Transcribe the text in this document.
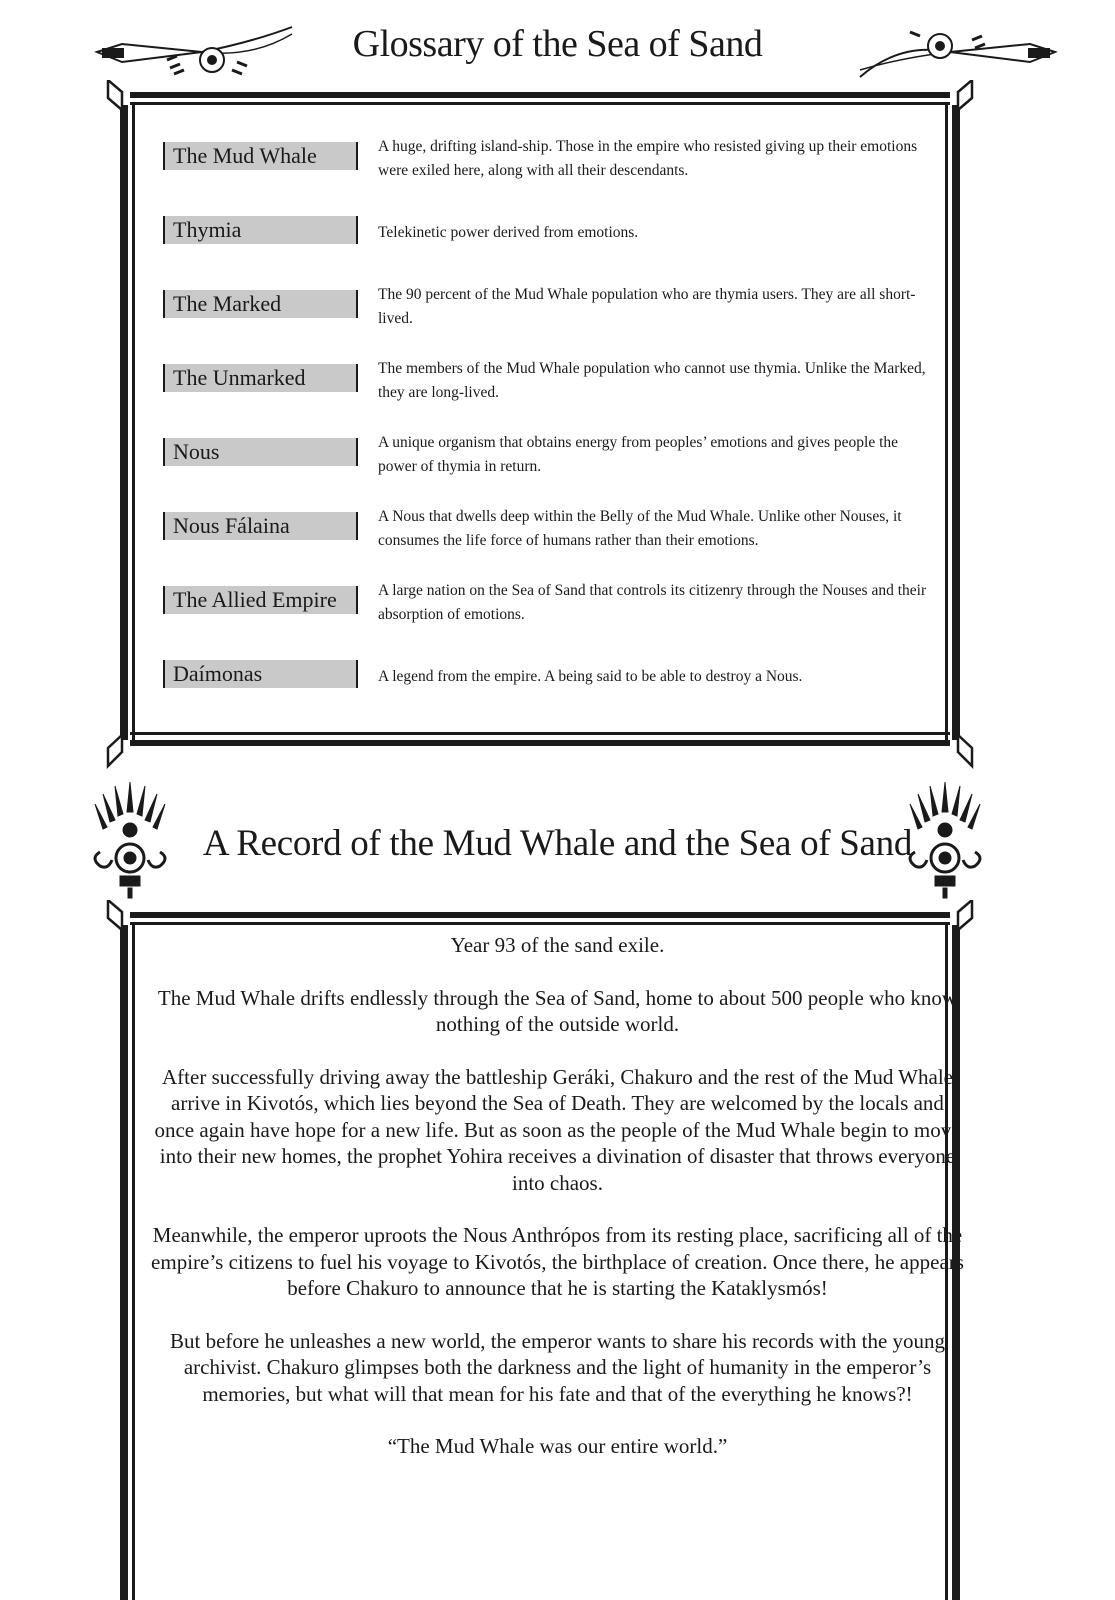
Glossary of the Sea of Sand
The Mud Whale	A huge, drifting island-ship. Those in the empire who resisted giving up their emotions were exiled here, along with all their descendants.
Thymia	Telekinetic power derived from emotions.
The Marked	The 90 percent of the Mud Whale population who are thymia users. They are all short-lived.
The Unmarked	The members of the Mud Whale population who cannot use thymia. Unlike the Marked, they are long-lived.
Nous	A unique organism that obtains energy from peoples’ emotions and gives people the power of thymia in return.
Nous Fálaina	A Nous that dwells deep within the Belly of the Mud Whale. Unlike other Nouses, it consumes the life force of humans rather than their emotions.
The Allied Empire	A large nation on the Sea of Sand that controls its citizenry through the Nouses and their absorption of emotions.
Daímonas	A legend from the empire. A being said to be able to destroy a Nous.
A Record of the Mud Whale and the Sea of Sand

Year 93 of the sand exile.

The Mud Whale drifts endlessly through the Sea of Sand, home to about 500 people who know nothing of the outside world.

After successfully driving away the battleship Geráki, Chakuro and the rest of the Mud Whale arrive in Kivotós, which lies beyond the Sea of Death. They are welcomed by the locals and once again have hope for a new life. But as soon as the people of the Mud Whale begin to move into their new homes, the prophet Yohira receives a divination of disaster that throws everyone into chaos.

Meanwhile, the emperor uproots the Nous Anthrópos from its resting place, sacrificing all of the empire’s citizens to fuel his voyage to Kivotós, the birthplace of creation. Once there, he appears before Chakuro to announce that he is starting the Kataklysmós!

But before he unleashes a new world, the emperor wants to share his records with the young archivist. Chakuro glimpses both the darkness and the light of humanity in the emperor’s memories, but what will that mean for his fate and that of the everything he knows?!

“The Mud Whale was our entire world.”
